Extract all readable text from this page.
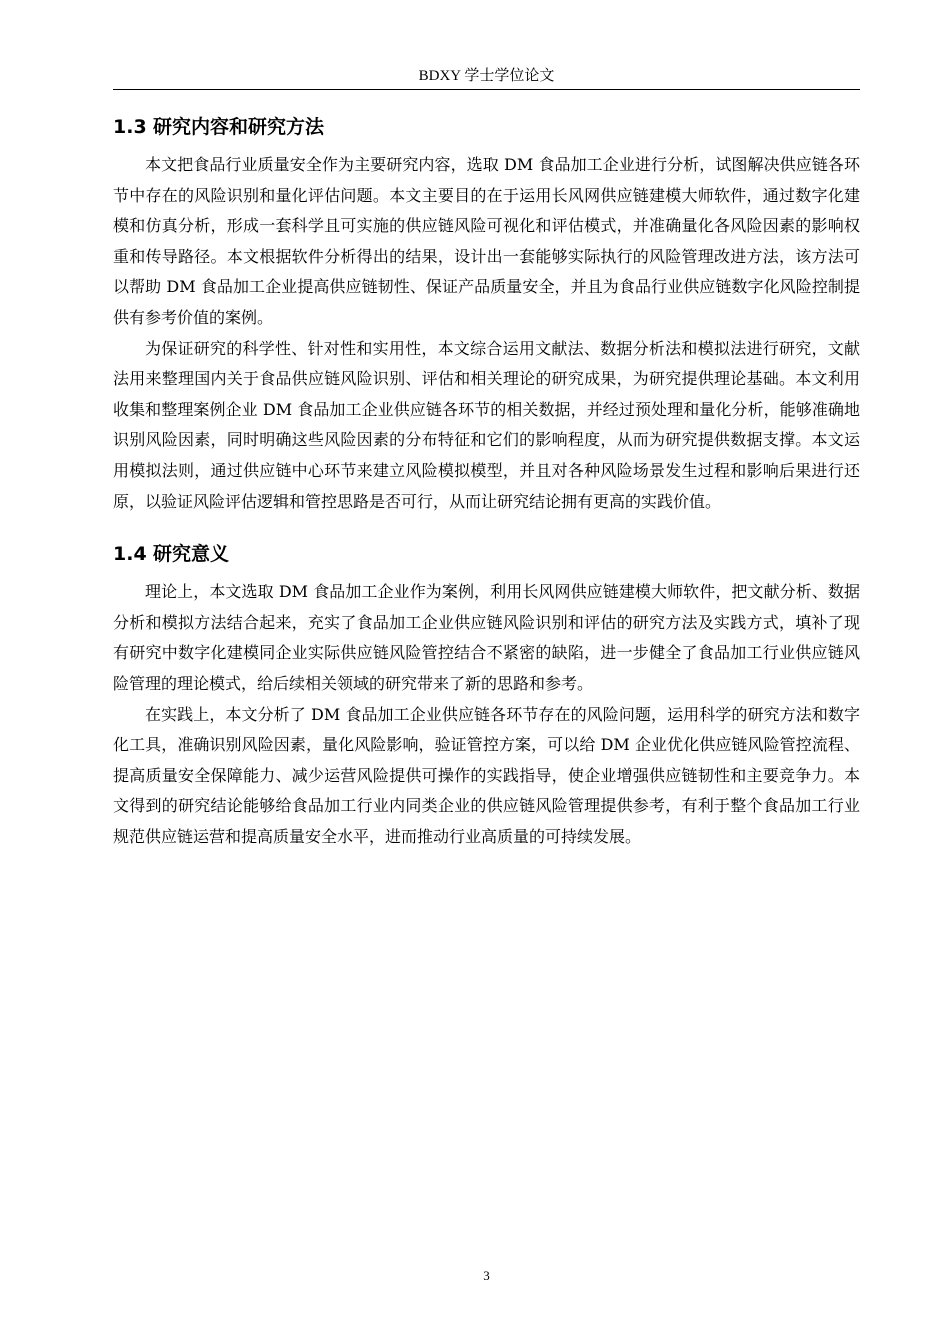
BDXY 学士学位论文
1.3 研究内容和研究方法

本文把食品行业质量安全作为主要研究内容，选取 DM 食品加工企业进行分析，试图解决供应链各环节中存在的风险识别和量化评估问题。本文主要目的在于运用长风网供应链建模大师软件，通过数字化建模和仿真分析，形成一套科学且可实施的供应链风险可视化和评估模式，并准确量化各风险因素的影响权重和传导路径。本文根据软件分析得出的结果，设计出一套能够实际执行的风险管理改进方法，该方法可以帮助 DM 食品加工企业提高供应链韧性、保证产品质量安全，并且为食品行业供应链数字化风险控制提供有参考价值的案例。

为保证研究的科学性、针对性和实用性，本文综合运用文献法、数据分析法和模拟法进行研究，文献法用来整理国内关于食品供应链风险识别、评估和相关理论的研究成果，为研究提供理论基础。本文利用收集和整理案例企业 DM 食品加工企业供应链各环节的相关数据，并经过预处理和量化分析，能够准确地识别风险因素，同时明确这些风险因素的分布特征和它们的影响程度，从而为研究提供数据支撑。本文运用模拟法则，通过供应链中心环节来建立风险模拟模型，并且对各种风险场景发生过程和影响后果进行还原，以验证风险评估逻辑和管控思路是否可行，从而让研究结论拥有更高的实践价值。

1.4 研究意义

理论上，本文选取 DM 食品加工企业作为案例，利用长风网供应链建模大师软件，把文献分析、数据分析和模拟方法结合起来，充实了食品加工企业供应链风险识别和评估的研究方法及实践方式，填补了现有研究中数字化建模同企业实际供应链风险管控结合不紧密的缺陷，进一步健全了食品加工行业供应链风险管理的理论模式，给后续相关领域的研究带来了新的思路和参考。

在实践上，本文分析了 DM 食品加工企业供应链各环节存在的风险问题，运用科学的研究方法和数字化工具，准确识别风险因素，量化风险影响，验证管控方案，可以给 DM 企业优化供应链风险管控流程、提高质量安全保障能力、减少运营风险提供可操作的实践指导，使企业增强供应链韧性和主要竞争力。本文得到的研究结论能够给食品加工行业内同类企业的供应链风险管理提供参考，有利于整个食品加工行业规范供应链运营和提高质量安全水平，进而推动行业高质量的可持续发展。

3
